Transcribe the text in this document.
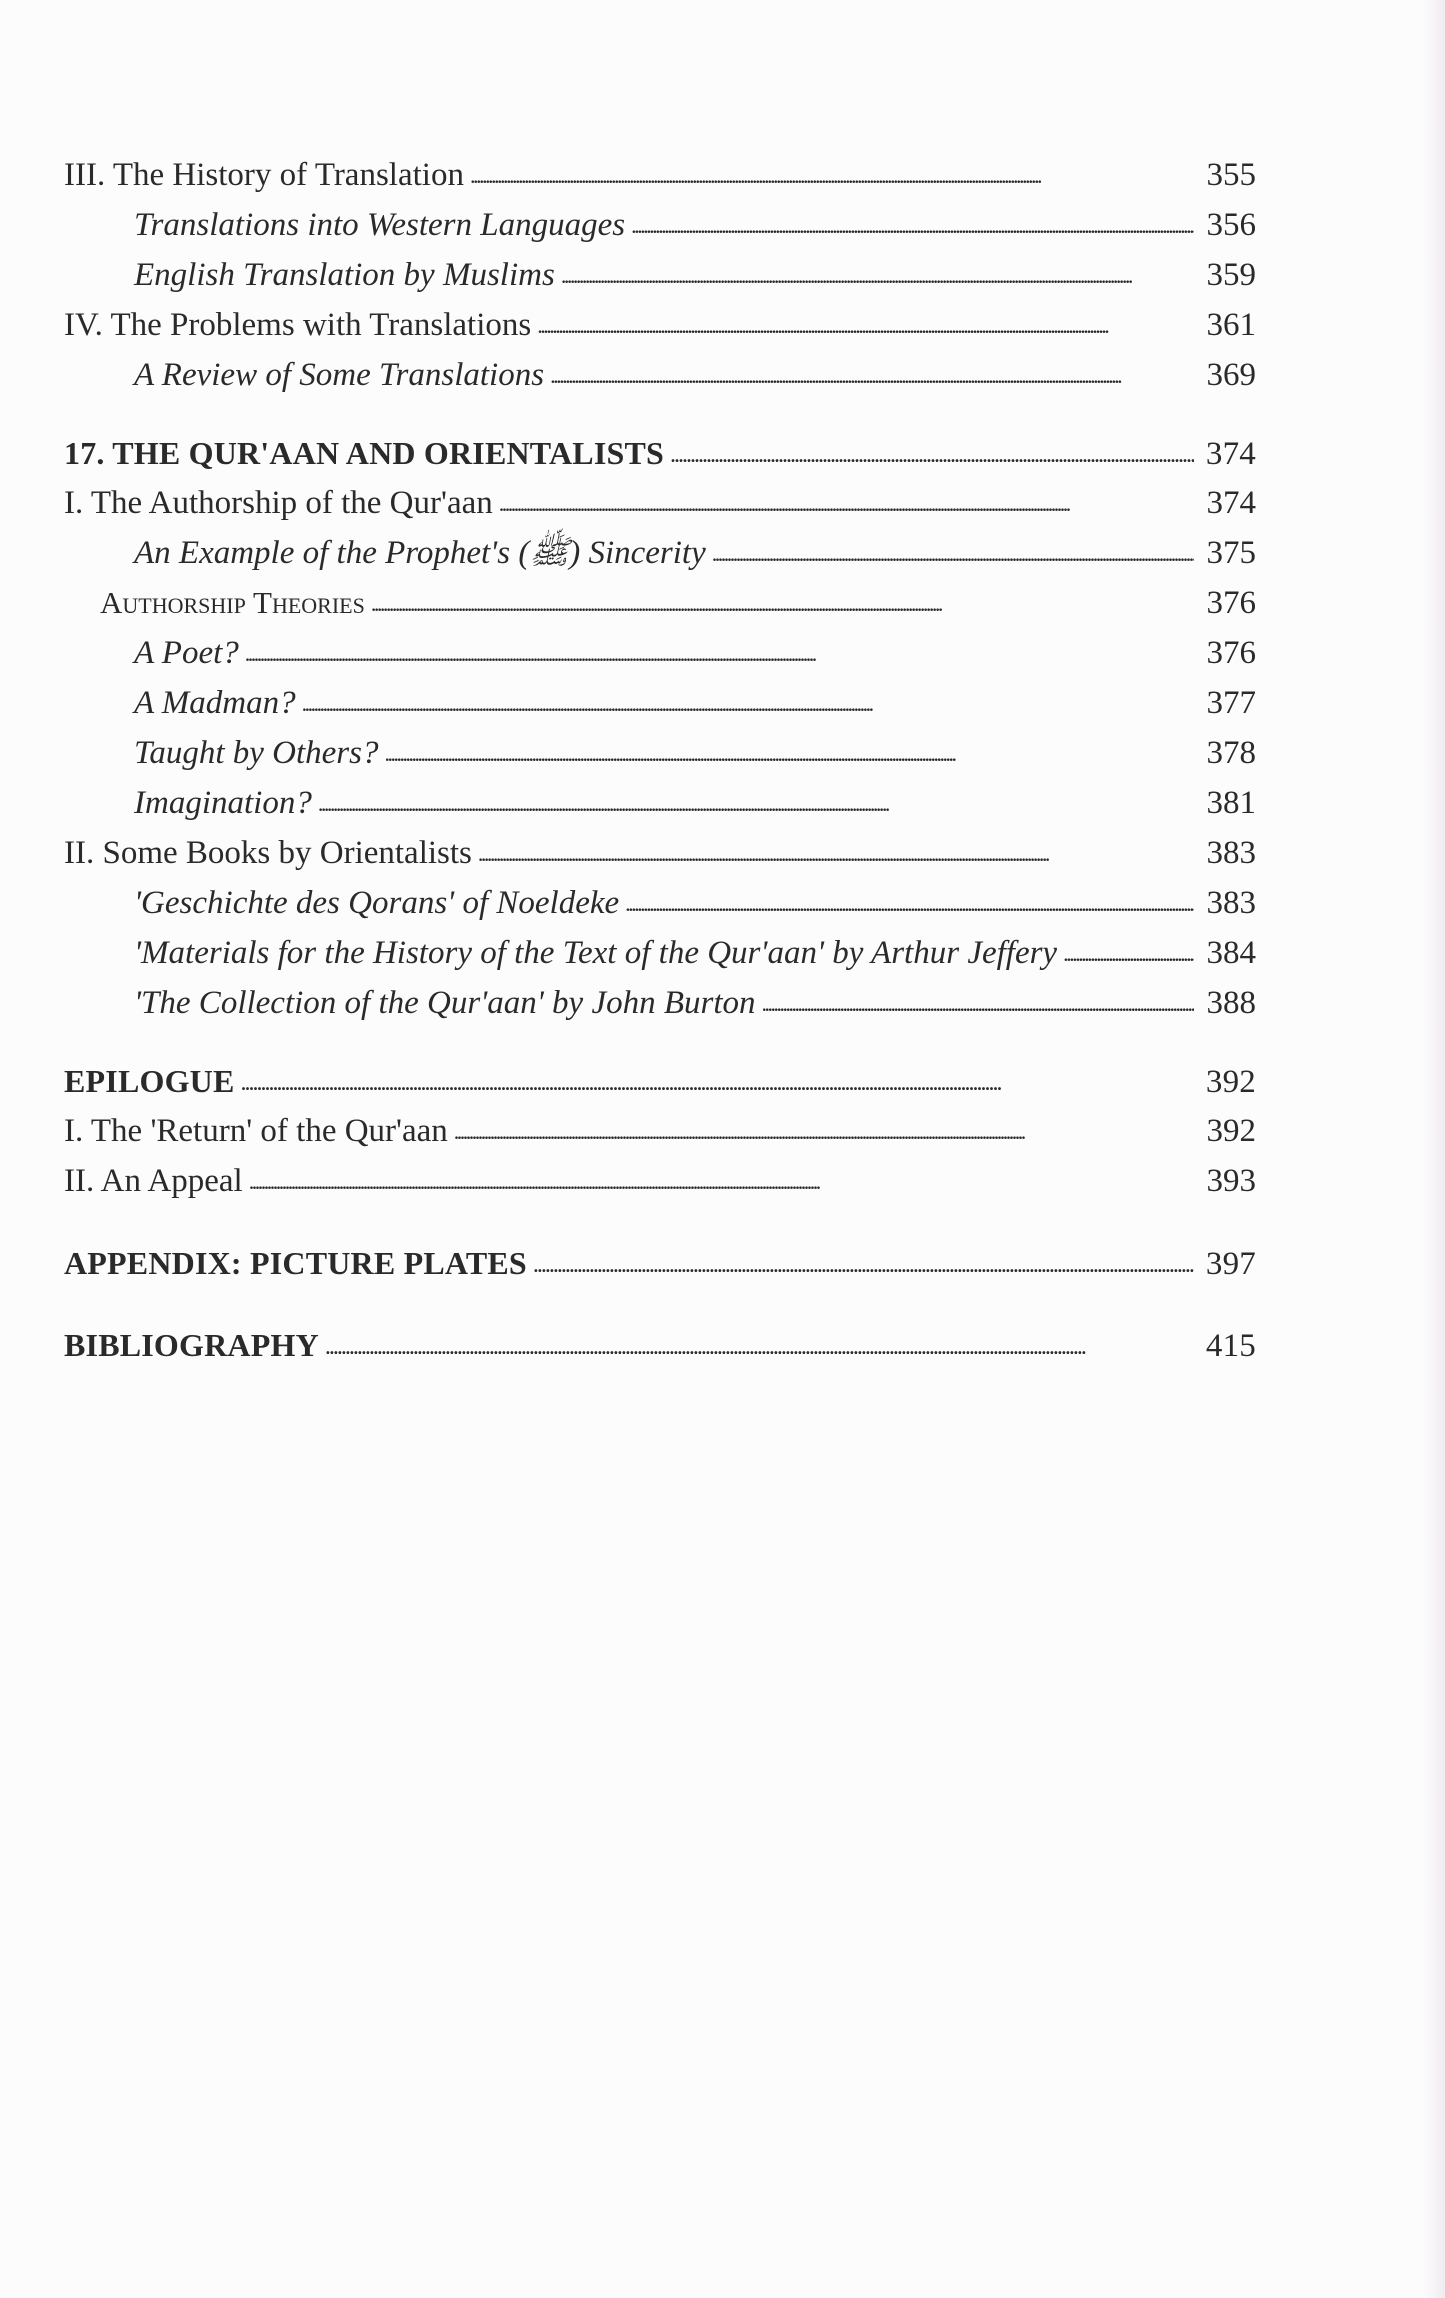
III. The History of Translation . . .	355
Translations into Western Languages . . .	356
English Translation by Muslims . . .	359
IV. The Problems with Translations . . .	361
A Review of Some Translations . . .	369
17. THE QUR'AAN AND ORIENTALISTS . . .	374
I. The Authorship of the Qur'aan . . .	374
An Example of the Prophet's (ﷺ) Sincerity . . .	375
Authorship Theories . . .	376
A Poet? . . .	376
A Madman? . . .	377
Taught by Others? . . .	378
Imagination? . . .	381
II. Some Books by Orientalists . . .	383
'Geschichte des Qorans' of Noeldeke . . .	383
'Materials for the History of the Text of the Qur'aan' by Arthur Jeffery . . .	384
'The Collection of the Qur'aan' by John Burton . . .	388
EPILOGUE . . .	392
I. The 'Return' of the Qur'aan . . .	392
II. An Appeal . . .	393
APPENDIX: PICTURE PLATES . . .	397
BIBLIOGRAPHY . . .	415
